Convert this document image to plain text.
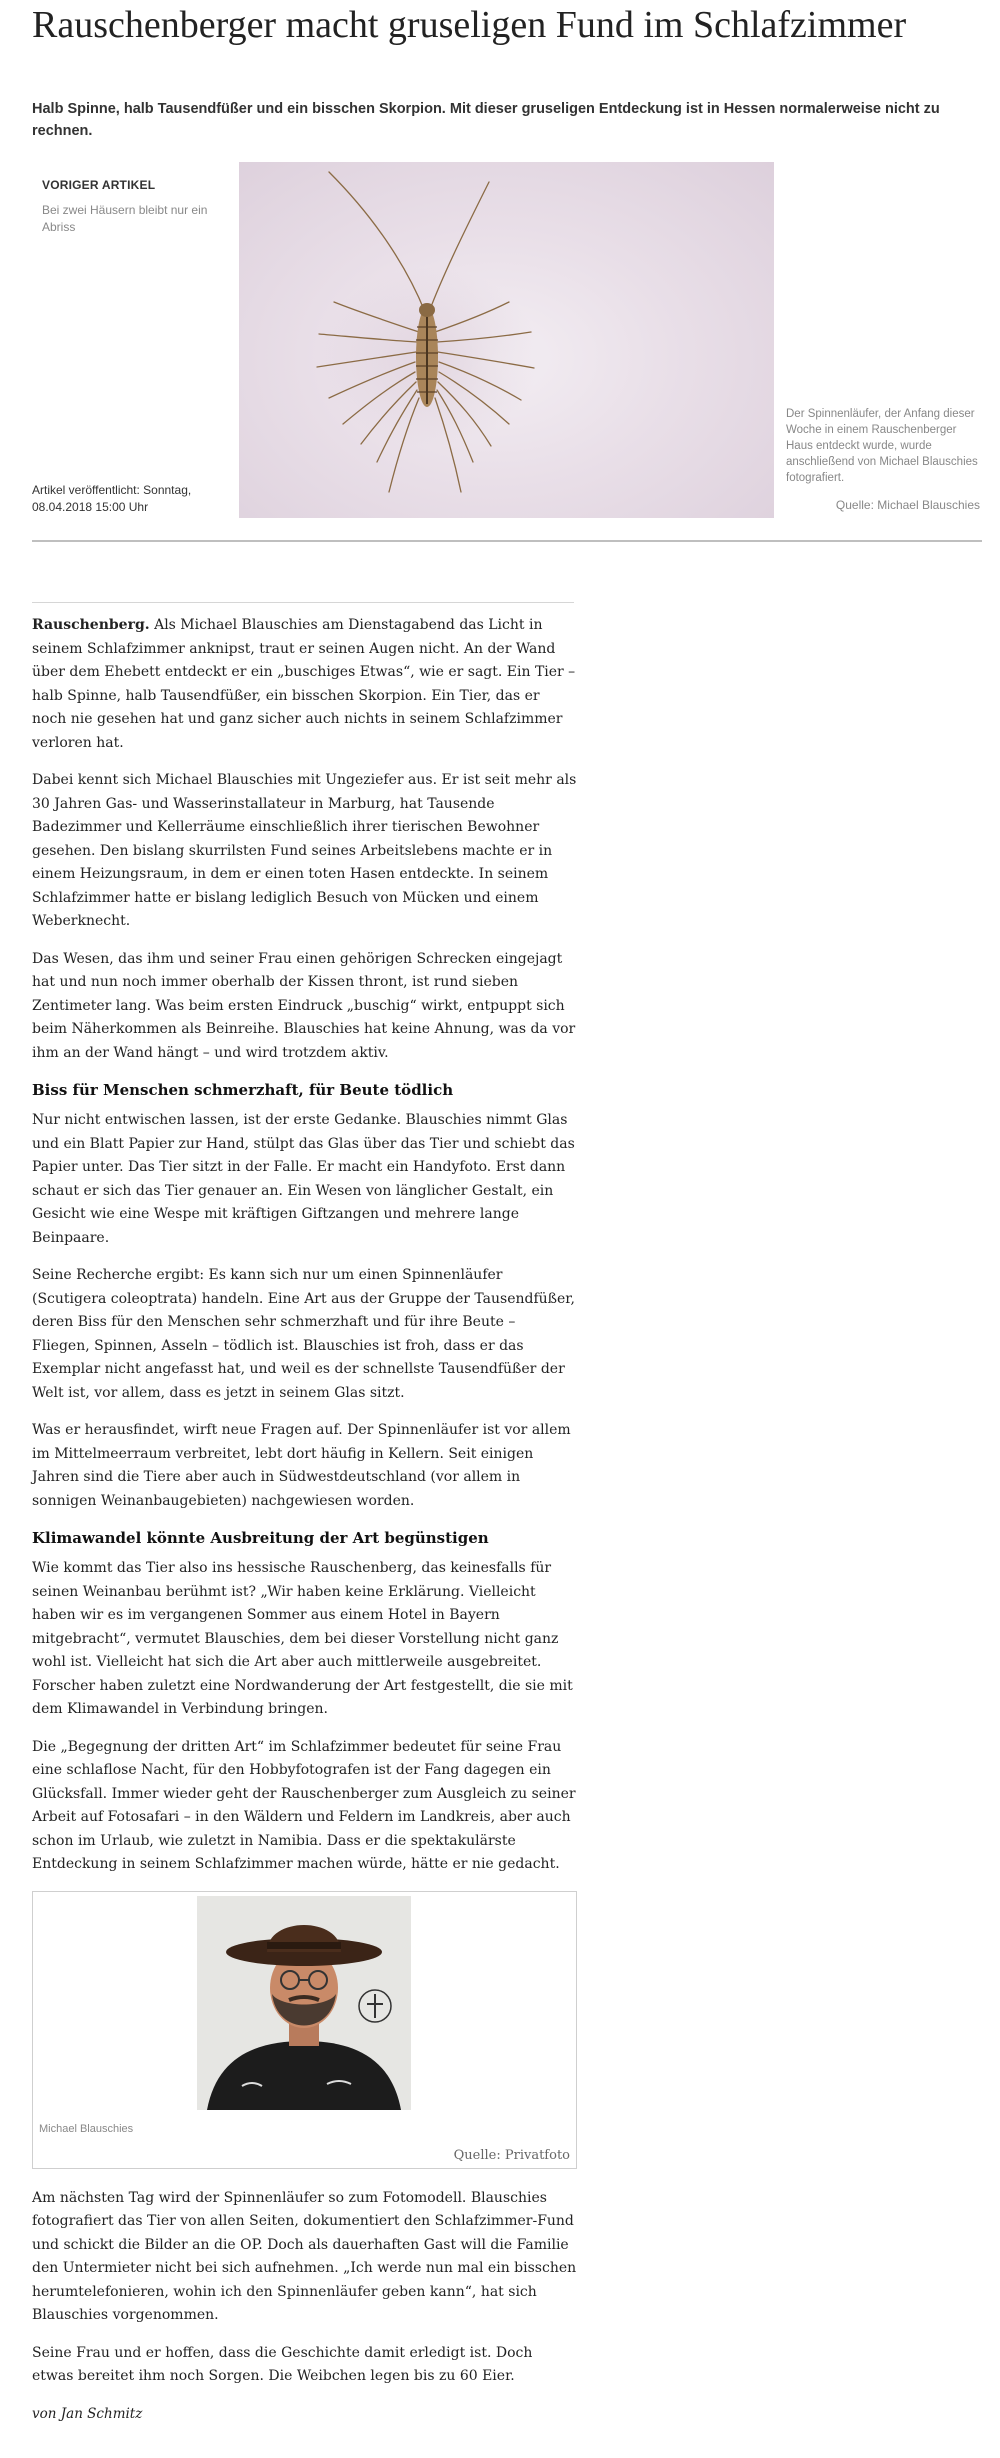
Rauschenberger macht gruseligen Fund im Schlafzimmer

Halb Spinne, halb Tausendfüßer und ein bisschen Skorpion. Mit dieser gruseligen Entdeckung ist in Hessen normalerweise nicht zu rechnen.

VORIGER ARTIKEL
Bei zwei Häusern bleibt nur ein Abriss
Artikel veröffentlicht: Sonntag, 08.04.2018 15:00 Uhr
Der Spinnenläufer, der Anfang dieser Woche in einem Rauschenberger Haus entdeckt wurde, wurde anschließend von Michael Blauschies fotografiert.
Quelle: Michael Blauschies

Rauschenberg. Als Michael Blauschies am Dienstagabend das Licht in seinem Schlafzimmer anknipst, traut er seinen Augen nicht. An der Wand über dem Ehebett entdeckt er ein „buschiges Etwas“, wie er sagt. Ein Tier – halb Spinne, halb Tausendfüßer, ein bisschen Skorpion. Ein Tier, das er noch nie gesehen hat und ganz sicher auch nichts in seinem Schlafzimmer verloren hat.

Dabei kennt sich Michael Blauschies mit Ungeziefer aus. Er ist seit mehr als 30 Jahren Gas- und Wasserinstallateur in Marburg, hat Tausende Badezimmer und Kellerräume einschließlich ihrer tierischen Bewohner gesehen. Den bislang skurrilsten Fund seines Arbeitslebens machte er in einem Heizungsraum, in dem er einen toten Hasen entdeckte. In seinem Schlafzimmer hatte er bislang lediglich Besuch von Mücken und einem Weberknecht.

Das Wesen, das ihm und seiner Frau einen gehörigen Schrecken eingejagt hat und nun noch immer oberhalb der Kissen thront, ist rund sieben Zentimeter lang. Was beim ersten Eindruck „buschig“ wirkt, entpuppt sich beim Näherkommen als Beinreihe. Blauschies hat keine Ahnung, was da vor ihm an der Wand hängt – und wird trotzdem aktiv.

Biss für Menschen schmerzhaft, für Beute tödlich

Nur nicht entwischen lassen, ist der erste Gedanke. Blauschies nimmt Glas und ein Blatt Papier zur Hand, stülpt das Glas über das Tier und schiebt das Papier unter. Das Tier sitzt in der Falle. Er macht ein Handyfoto. Erst dann schaut er sich das Tier genauer an. Ein Wesen von länglicher Gestalt, ein Gesicht wie eine Wespe mit kräftigen Giftzangen und mehrere lange Beinpaare.

Seine Recherche ergibt: Es kann sich nur um einen Spinnenläufer (Scutigera coleoptrata) handeln. Eine Art aus der Gruppe der Tausendfüßer, deren Biss für den Menschen sehr schmerzhaft und für ihre Beute – Fliegen, Spinnen, Asseln – tödlich ist. Blauschies ist froh, dass er das Exemplar nicht angefasst hat, und weil es der schnellste Tausendfüßer der Welt ist, vor allem, dass es jetzt in seinem Glas sitzt.

Was er herausfindet, wirft neue Fragen auf. Der Spinnenläufer ist vor allem im Mittelmeerraum verbreitet, lebt dort häufig in Kellern. Seit einigen Jahren sind die Tiere aber auch in Südwestdeutschland (vor allem in sonnigen Weinanbaugebieten) nachgewiesen worden.

Klimawandel könnte Ausbreitung der Art begünstigen

Wie kommt das Tier also ins hessische Rauschenberg, das keinesfalls für seinen Weinanbau berühmt ist? „Wir haben keine Erklärung. Vielleicht haben wir es im vergangenen Sommer aus einem Hotel in Bayern mitgebracht“, vermutet Blauschies, dem bei dieser Vorstellung nicht ganz wohl ist. Vielleicht hat sich die Art aber auch mittlerweile ausgebreitet. Forscher haben zuletzt eine Nordwanderung der Art festgestellt, die sie mit dem Klimawandel in Verbindung bringen.

Die „Begegnung der dritten Art“ im Schlafzimmer bedeutet für seine Frau eine schlaflose Nacht, für den Hobbyfotografen ist der Fang dagegen ein Glücksfall. Immer wieder geht der Rauschenberger zum Ausgleich zu seiner Arbeit auf Fotosafari – in den Wäldern und Feldern im Landkreis, aber auch schon im Urlaub, wie zuletzt in Namibia. Dass er die spektakulärste Entdeckung in seinem Schlafzimmer machen würde, hätte er nie gedacht.

Michael Blauschies
Quelle: Privatfoto

Am nächsten Tag wird der Spinnenläufer so zum Fotomodell. Blauschies fotografiert das Tier von allen Seiten, dokumentiert den Schlafzimmer-Fund und schickt die Bilder an die OP. Doch als dauerhaften Gast will die Familie den Untermieter nicht bei sich aufnehmen. „Ich werde nun mal ein bisschen herumtelefonieren, wohin ich den Spinnenläufer geben kann“, hat sich Blauschies vorgenommen.

Seine Frau und er hoffen, dass die Geschichte damit erledigt ist. Doch etwas bereitet ihm noch Sorgen. Die Weibchen legen bis zu 60 Eier.

von Jan Schmitz
